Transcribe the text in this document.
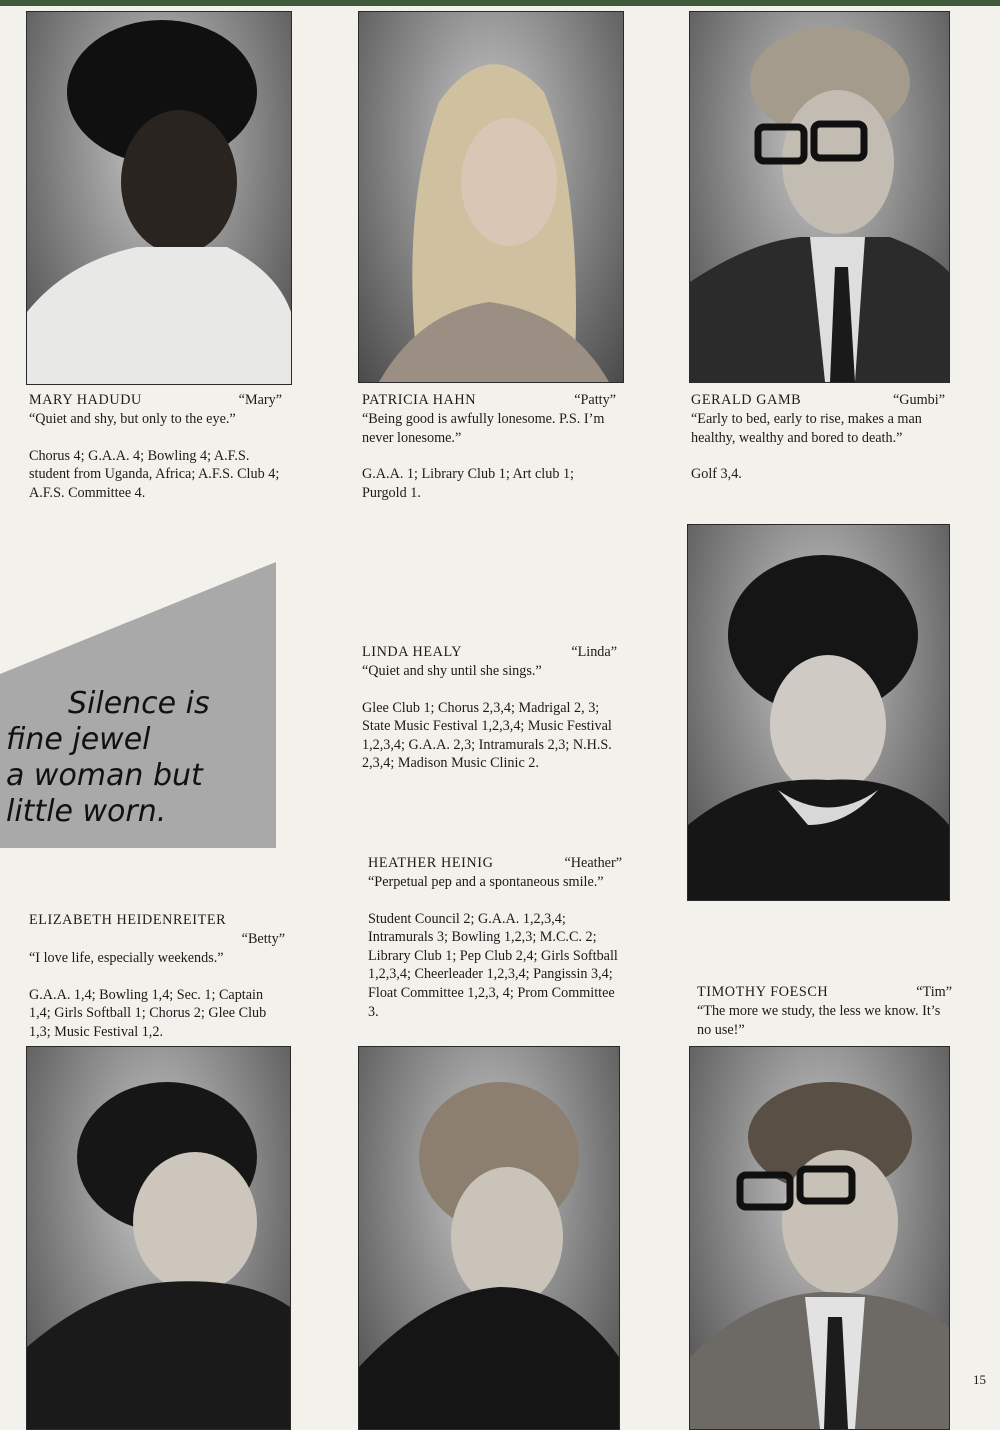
Silence is
fine jewel
a woman but
little worn.
MARY HADUDU	“Mary”

“Quiet and shy, but only to the eye.”

Chorus 4; G.A.A. 4; Bowling 4; A.F.S. student from Uganda, Africa; A.F.S. Club 4; A.F.S. Committee 4.

PATRICIA HAHN	“Patty”

“Being good is awfully lonesome. P.S. I’m never lonesome.”

G.A.A. 1; Library Club 1; Art club 1; Purgold 1.

GERALD GAMB	“Gumbi”

“Early to bed, early to rise, makes a man healthy, wealthy and bored to death.”

Golf 3,4.

LINDA HEALY	“Linda”

“Quiet and shy until she sings.”

Glee Club 1; Chorus 2,3,4; Madrigal 2, 3; State Music Festival 1,2,3,4; Music Festival 1,2,3,4; G.A.A. 2,3; Intramurals 2,3; N.H.S. 2,3,4; Madison Music Clinic 2.

HEATHER HEINIG	“Heather”

“Perpetual pep and a spontaneous smile.”

Student Council 2; G.A.A. 1,2,3,4; Intramurals 3; Bowling 1,2,3; M.C.C. 2; Library Club 1; Pep Club 2,4; Girls Softball 1,2,3,4; Cheerleader 1,2,3,4; Pangissin 3,4; Float Committee 1,2,3, 4; Prom Committee 3.

ELIZABETH HEIDENREITER
“Betty”

“I love life, especially weekends.”

G.A.A. 1,4; Bowling 1,4; Sec. 1; Captain 1,4; Girls Softball 1; Chorus 2; Glee Club 1,3; Music Festival 1,2.

TIMOTHY FOESCH	“Tim”

“The more we study, the less we know. It’s no use!”

15
